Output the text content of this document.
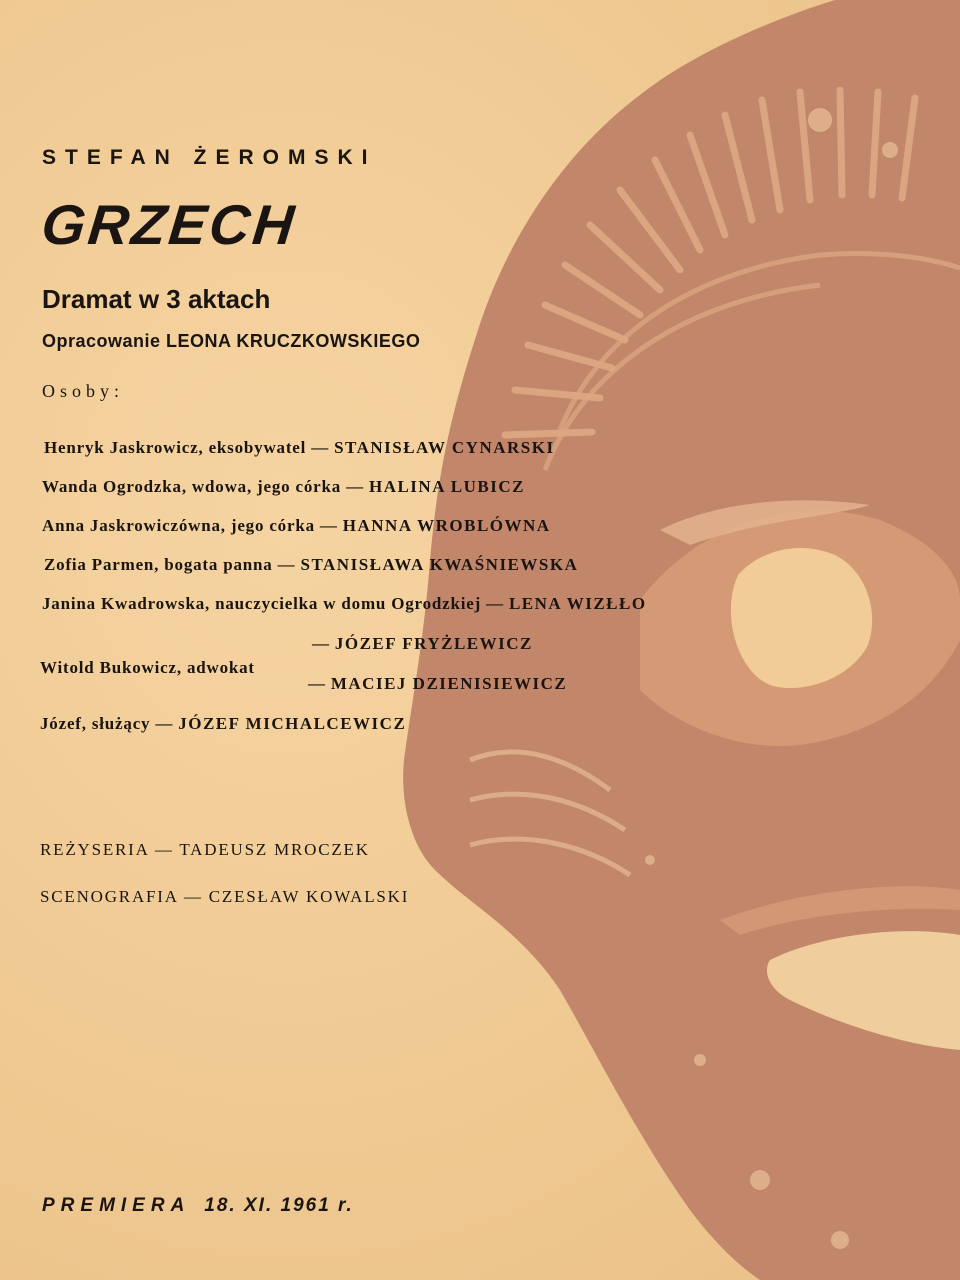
STEFAN ŻEROMSKI
GRZECH
Dramat w 3 aktach
Opracowanie LEONA KRUCZKOWSKIEGO
Osoby:
Henryk Jaskrowicz, eksobywatel — STANISŁAW CYNARSKI
Wanda Ogrodzka, wdowa, jego córka — HALINA LUBICZ
Anna Jaskrowiczówna, jego córka — HANNA WROBLÓWNA
Zofia Parmen, bogata panna — STANISŁAWA KWAŚNIEWSKA
Janina Kwadrowska, nauczycielka w domu Ogrodzkiej — LENA WIZŁŁO
Witold Bukowicz, adwokat
— JÓZEF FRYŻLEWICZ
— MACIEJ DZIENISIEWICZ
Józef, służący — JÓZEF MICHALCEWICZ
REŻYSERIA — TADEUSZ MROCZEK
SCENOGRAFIA — CZESŁAW KOWALSKI
PREMIERA 18. XI. 1961 r.
